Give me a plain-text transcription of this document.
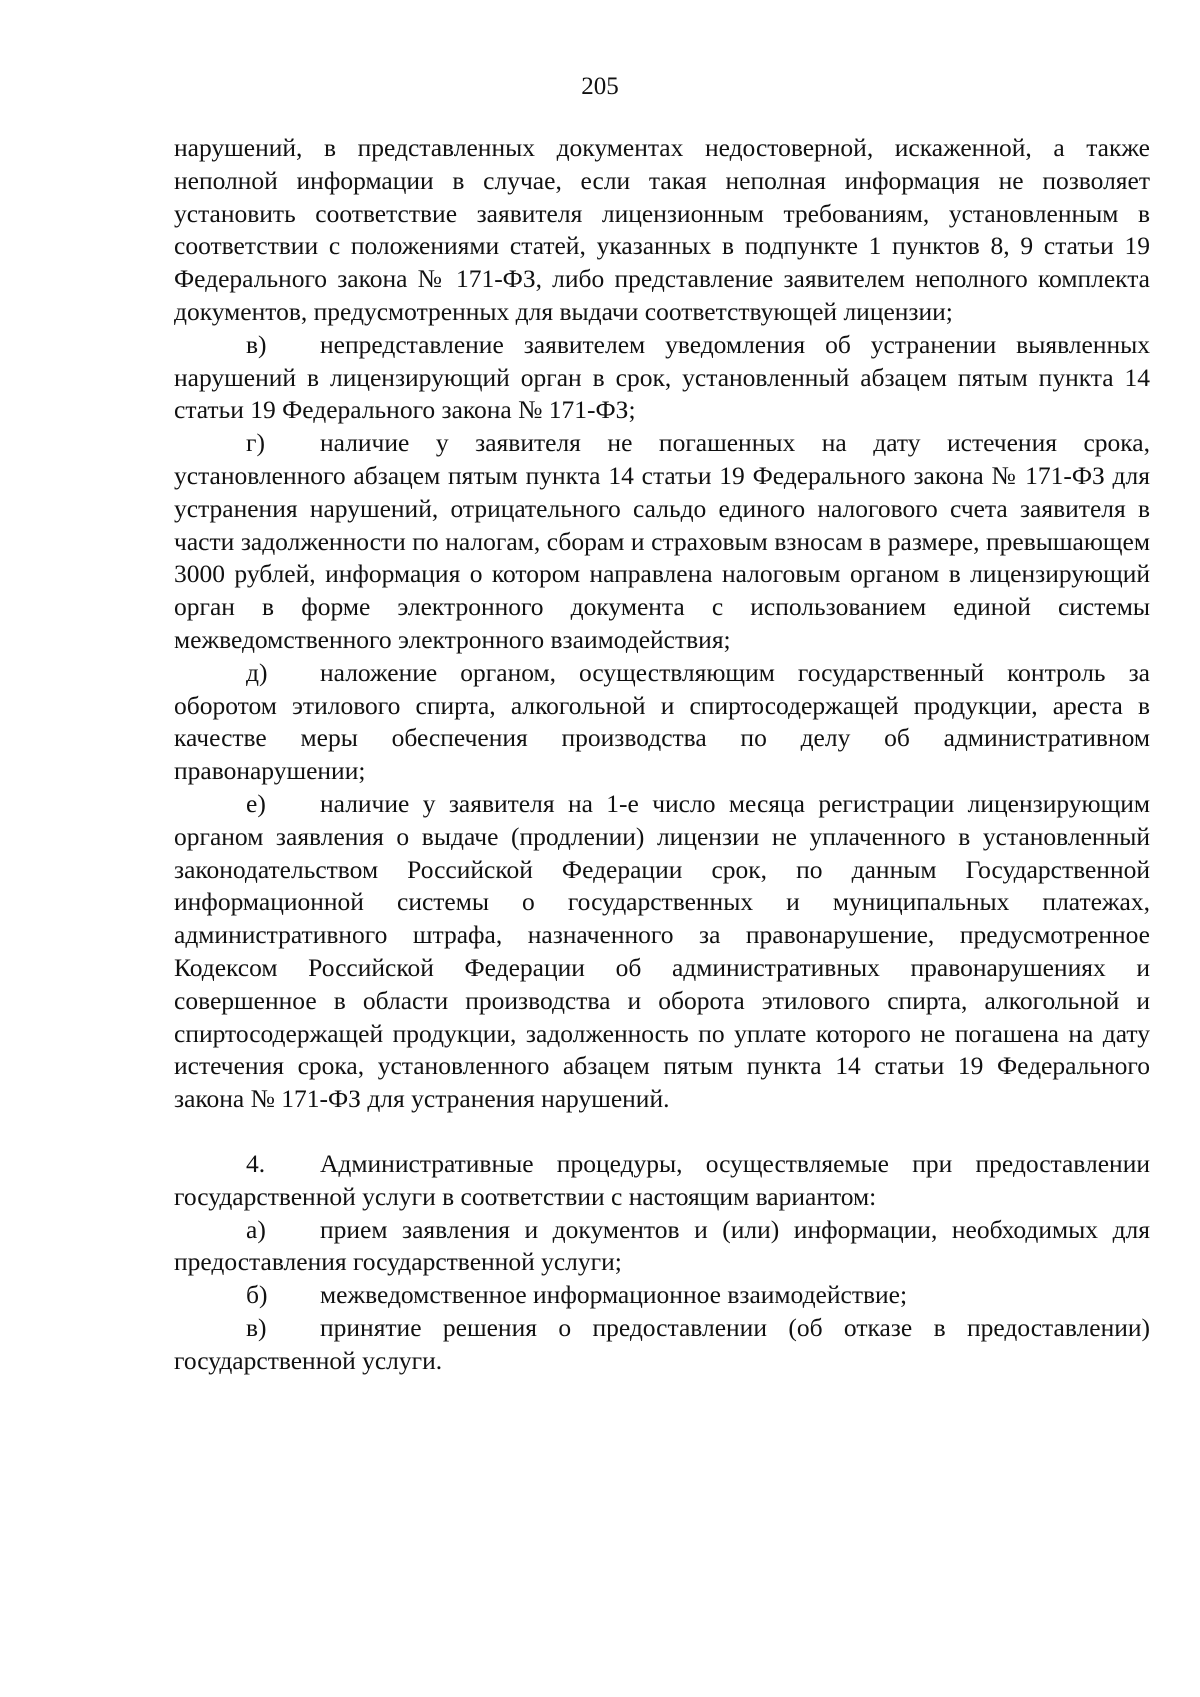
205

нарушений, в представленных документах недостоверной, искаженной, а также неполной информации в случае, если такая неполная информация не позволяет установить соответствие заявителя лицензионным требованиям, установленным в соответствии с положениями статей, указанных в подпункте 1 пунктов 8, 9 статьи 19 Федерального закона № 171-ФЗ, либо представление заявителем неполного комплекта документов, предусмотренных для выдачи соответствующей лицензии;

в) непредставление заявителем уведомления об устранении выявленных нарушений в лицензирующий орган в срок, установленный абзацем пятым пункта 14 статьи 19 Федерального закона № 171-ФЗ;
г) наличие у заявителя не погашенных на дату истечения срока, установленного абзацем пятым пункта 14 статьи 19 Федерального закона № 171-ФЗ для устранения нарушений, отрицательного сальдо единого налогового счета заявителя в части задолженности по налогам, сборам и страховым взносам в размере, превышающем 3000 рублей, информация о котором направлена налоговым органом в лицензирующий орган в форме электронного документа с использованием единой системы межведомственного электронного взаимодействия;
д) наложение органом, осуществляющим государственный контроль за оборотом этилового спирта, алкогольной и спиртосодержащей продукции, ареста в качестве меры обеспечения производства по делу об административном правонарушении;
е) наличие у заявителя на 1-е число месяца регистрации лицензирующим органом заявления о выдаче (продлении) лицензии не уплаченного в установленный законодательством Российской Федерации срок, по данным Государственной информационной системы о государственных и муниципальных платежах, административного штрафа, назначенного за правонарушение, предусмотренное Кодексом Российской Федерации об административных правонарушениях и совершенное в области производства и оборота этилового спирта, алкогольной и спиртосодержащей продукции, задолженность по уплате которого не погашена на дату истечения срока, установленного абзацем пятым пункта 14 статьи 19 Федерального закона № 171-ФЗ для устранения нарушений.
4. Административные процедуры, осуществляемые при предоставлении государственной услуги в соответствии с настоящим вариантом:
а) прием заявления и документов и (или) информации, необходимых для предоставления государственной услуги;
б) межведомственное информационное взаимодействие;
в) принятие решения о предоставлении (об отказе в предоставлении) государственной услуги.
